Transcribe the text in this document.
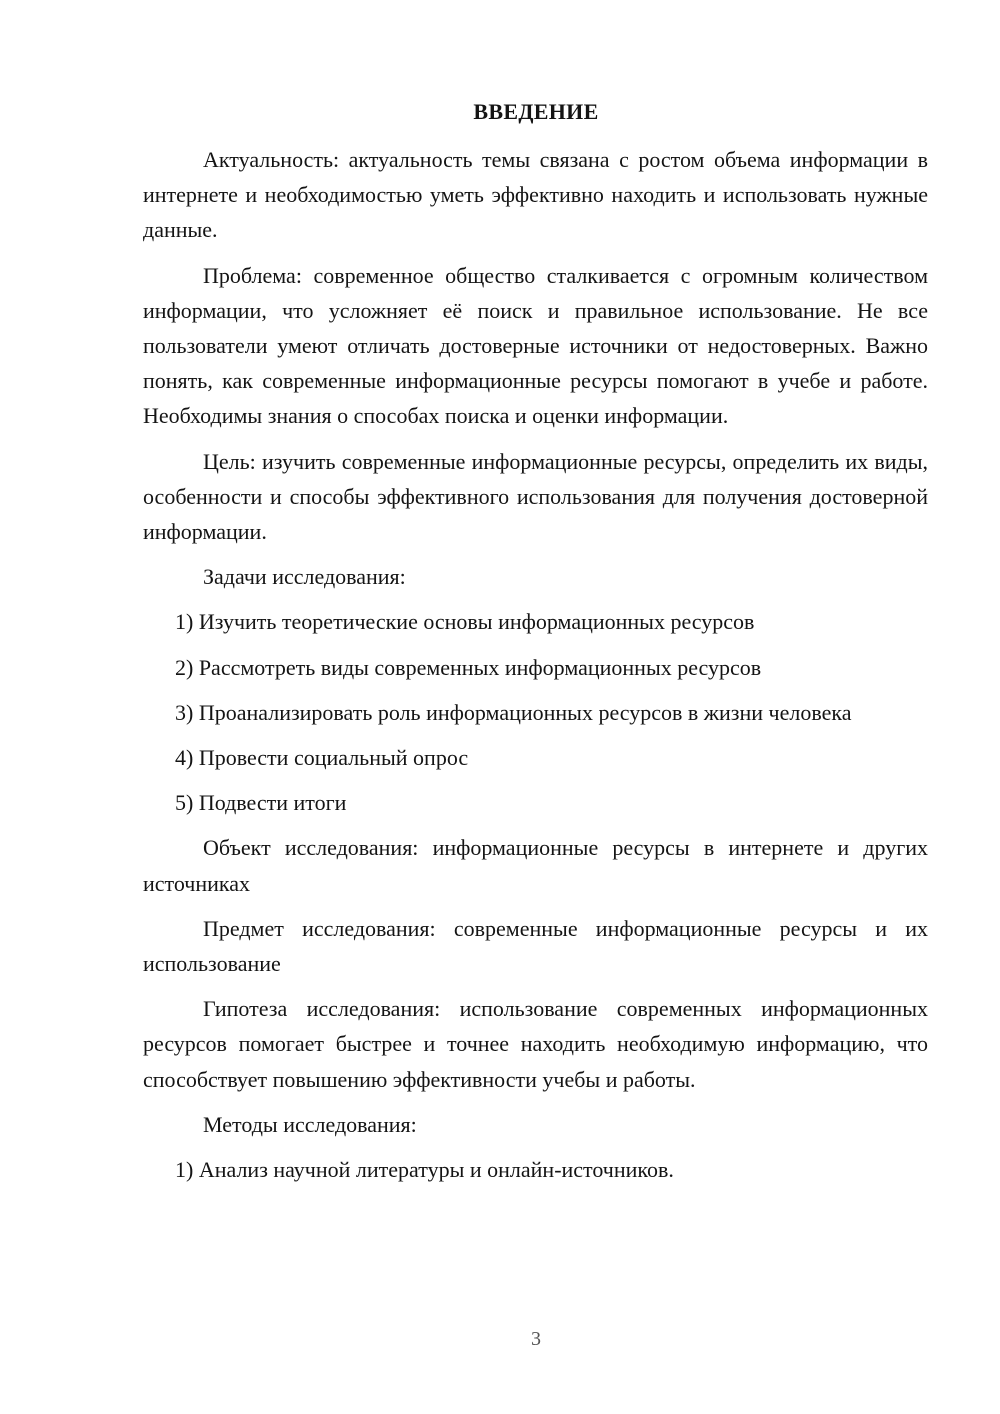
ВВЕДЕНИЕ

Актуальность: актуальность темы связана с ростом объема информации в интернете и необходимостью уметь эффективно находить и использовать нужные данные.

Проблема: современное общество сталкивается с огромным количеством информации, что усложняет её поиск и правильное использование. Не все пользователи умеют отличать достоверные источники от недостоверных. Важно понять, как современные информационные ресурсы помогают в учебе и работе. Необходимы знания о способах поиска и оценки информации.

Цель: изучить современные информационные ресурсы, определить их виды, особенности и способы эффективного использования для получения достоверной информации.

Задачи исследования:

1) Изучить теоретические основы информационных ресурсов

2) Рассмотреть виды современных информационных ресурсов

3) Проанализировать роль информационных ресурсов в жизни человека

4) Провести социальный опрос

5) Подвести итоги

Объект исследования: информационные ресурсы в интернете и других источниках

Предмет исследования: современные информационные ресурсы и их использование

Гипотеза исследования: использование современных информационных ресурсов помогает быстрее и точнее находить необходимую информацию, что способствует повышению эффективности учебы и работы.

Методы исследования:

1) Анализ научной литературы и онлайн-источников.

3
